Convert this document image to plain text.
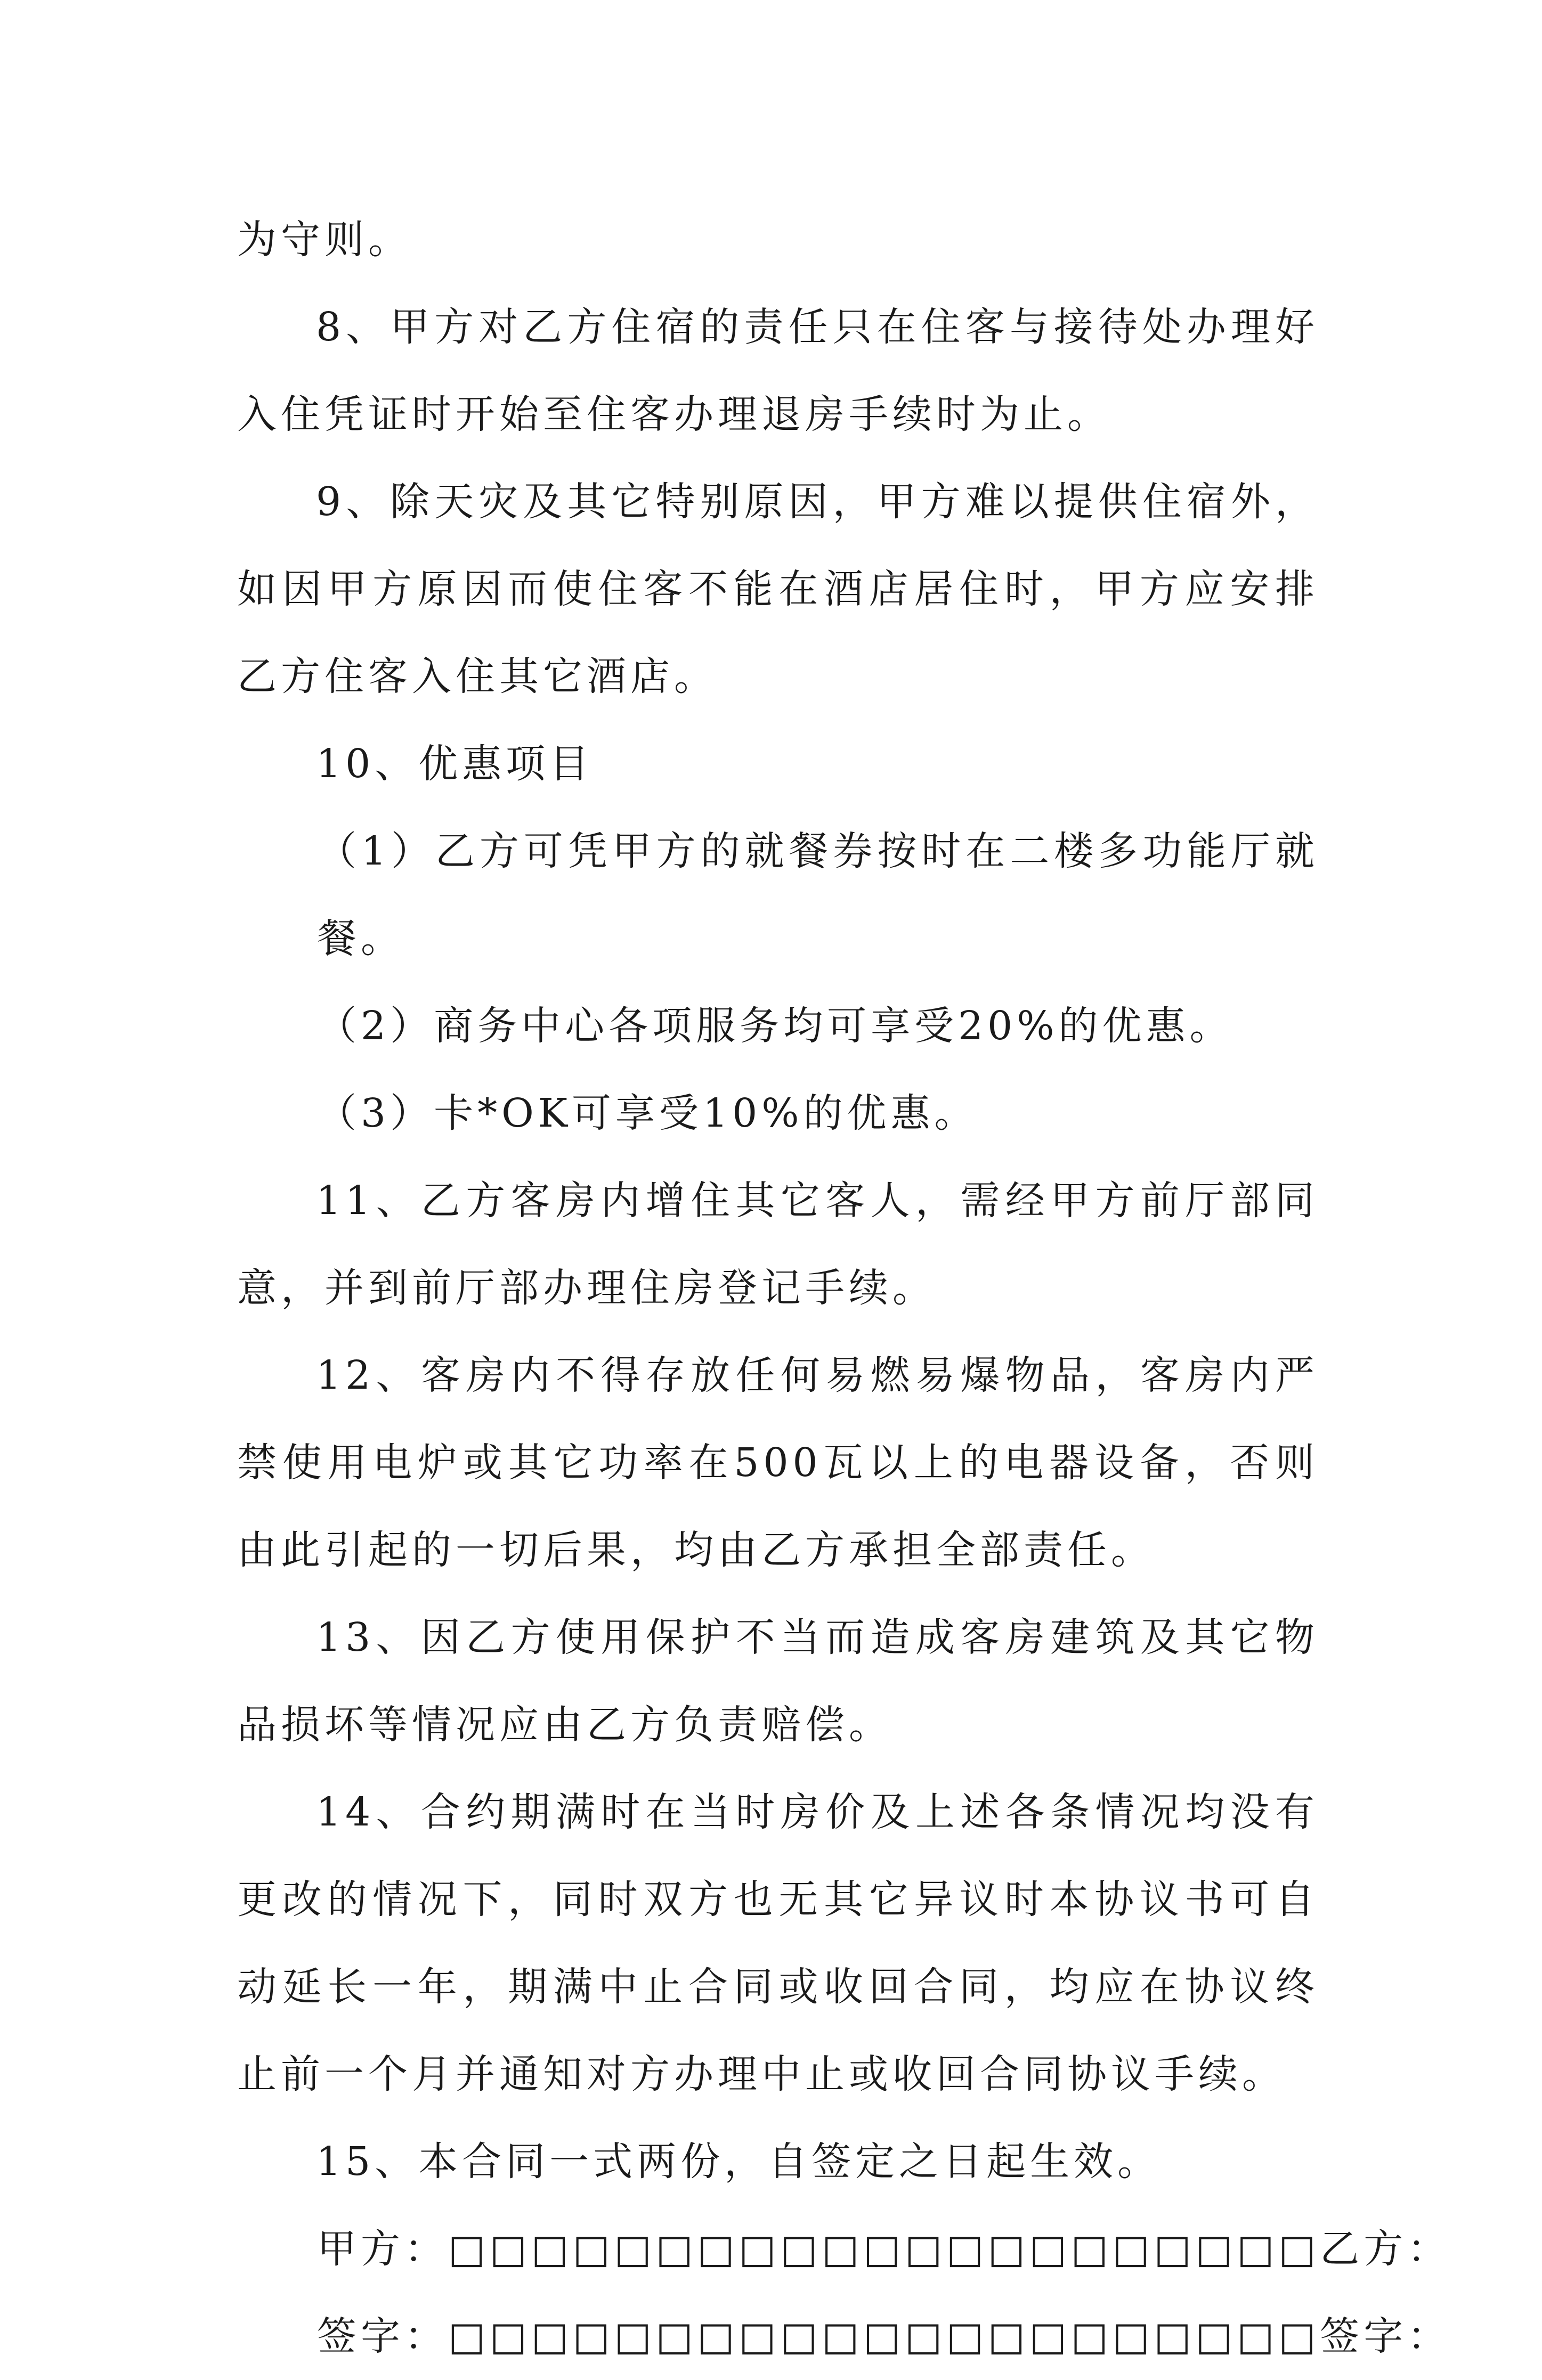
为守则。

8、甲方对乙方住宿的责任只在住客与接待处办理好入住凭证时开始至住客办理退房手续时为止。

9、除天灾及其它特别原因，甲方难以提供住宿外，如因甲方原因而使住客不能在酒店居住时，甲方应安排乙方住客入住其它酒店。

10、优惠项目

（1）乙方可凭甲方的就餐券按时在二楼多功能厅就餐。

（2）商务中心各项服务均可享受20%的优惠。

（3）卡*OK可享受10%的优惠。

11、乙方客房内增住其它客人，需经甲方前厅部同意，并到前厅部办理住房登记手续。

12、客房内不得存放任何易燃易爆物品，客房内严禁使用电炉或其它功率在500瓦以上的电器设备，否则由此引起的一切后果，均由乙方承担全部责任。

13、因乙方使用保护不当而造成客房建筑及其它物品损坏等情况应由乙方负责赔偿。

14、合约期满时在当时房价及上述各条情况均没有更改的情况下，同时双方也无其它异议时本协议书可自动延长一年，期满中止合同或收回合同，均应在协议终止前一个月并通知对方办理中止或收回合同协议手续。

15、本合同一式两份，自签定之日起生效。

甲方：□□□□□□□□□□□□□□□□□□□□□乙方：

签字：□□□□□□□□□□□□□□□□□□□□□签字：
